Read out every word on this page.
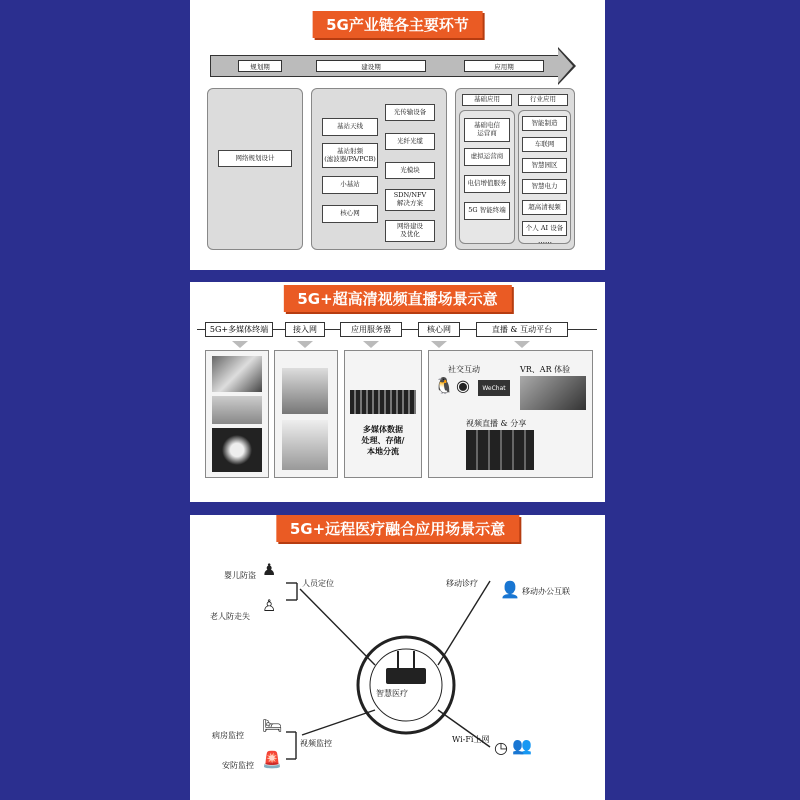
5G产业链各主要环节
规划期	建设期	应用期
网络规划设计
基站天线
基站射频
(滤波器/PA/PCB)
小基站
核心网
光传输设备
光纤光缆
光模块
SDN/NFV
解决方案
网络建设
及优化
基础应用	行业应用
基础电信
运营商
虚拟运营商
电信增值服务
5G 智能终端
智能制造
车联网
智慧园区
智慧电力
超高清视频
个人 AI 设备
……
5G+超高清视频直播场景示意
5G+多媒体终端	接入网	应用服务器	核心网	直播 & 互动平台
多媒体数据
处理、存储/
本地分流
社交互动
🐧 ◉	WeChat
VR、AR 体验
视频直播 & 分享
5G+远程医疗融合应用场景示意
智慧医疗
♟
婴儿防盗
♙
老人防走失
人员定位	移动诊疗 👤 移动办公互联
🛏
病房监控
🚨
安防监控
视频监控	Wi-Fi上网 ◷ 👥
